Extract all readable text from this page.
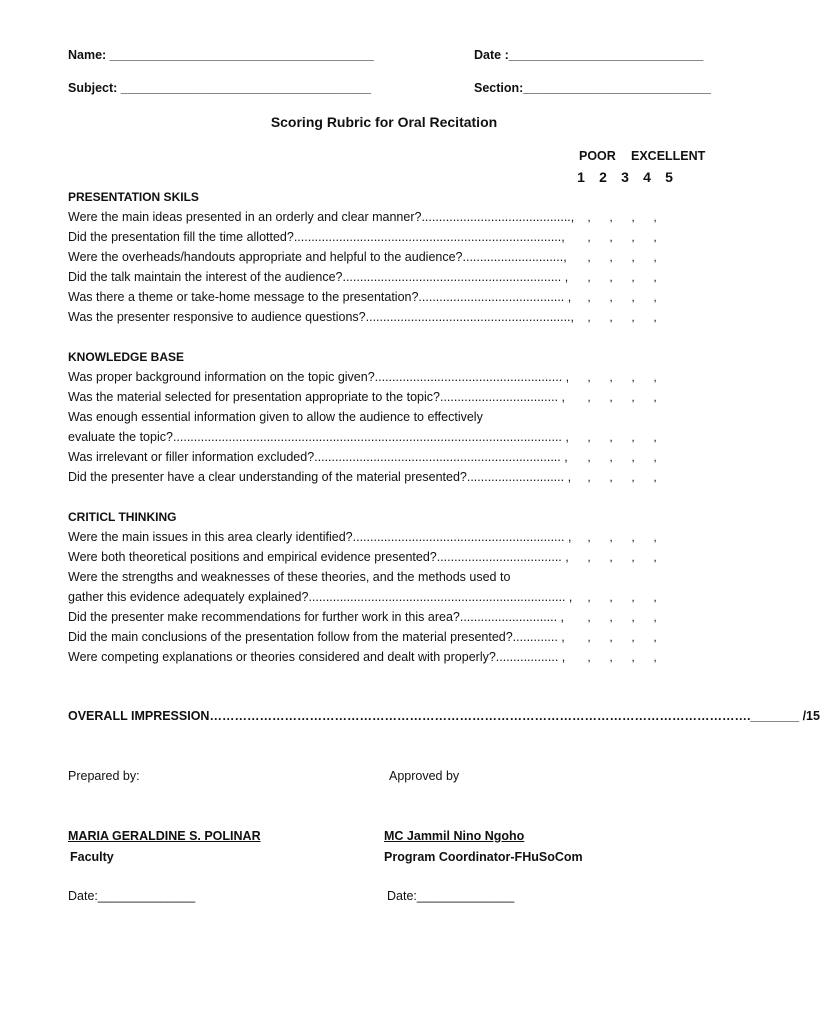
Name: ______________________________________	Date :____________________________
Subject: ____________________________________	Section:___________________________
Scoring Rubric for Oral Recitation
POOR EXCELLENT
1 2 3 4 5
PRESENTATION SKILS
Were the main ideas presented in an orderly and clear manner?...........................................,	, , , ,
Did the presentation fill the time allotted?.............................................................................,	, , , ,
Were the overheads/handouts appropriate and helpful to the audience?.............................,	, , , ,
Did the talk maintain the interest of the audience?............................................................... ,	, , , ,
Was there a theme or take-home message to the presentation?.......................................... ,	, , , ,
Was the presenter responsive to audience questions?...........................................................,	, , , ,
KNOWLEDGE BASE
Was proper background information on the topic given?...................................................... ,	, , , ,
Was the material selected for presentation appropriate to the topic?.................................. ,	, , , ,
Was enough essential information given to allow the audience to effectively
evaluate the topic?................................................................................................................ ,	, , , ,
Was irrelevant or filler information excluded?....................................................................... ,	, , , ,
Did the presenter have a clear understanding of the material presented?............................ ,	, , , ,
CRITICL THINKING
Were the main issues in this area clearly identified?............................................................. ,	, , , ,
Were both theoretical positions and empirical evidence presented?.................................... ,	, , , ,
Were the strengths and weaknesses of these theories, and the methods used to
gather this evidence adequately explained?.......................................................................... ,	, , , ,
Did the presenter make recommendations for further work in this area?............................ ,	, , , ,
Did the main conclusions of the presentation follow from the material presented?............. ,	, , , ,
Were competing explanations or theories considered and dealt with properly?.................. ,	, , , ,
OVERALL IMPRESSION…………………………………………………………………………………………………………………._______ /15
Prepared by:	Approved by
MARIA GERALDINE S. POLINAR
Faculty
Date:______________
MC Jammil Nino Ngoho
Program Coordinator-FHuSoCom
Date:______________
